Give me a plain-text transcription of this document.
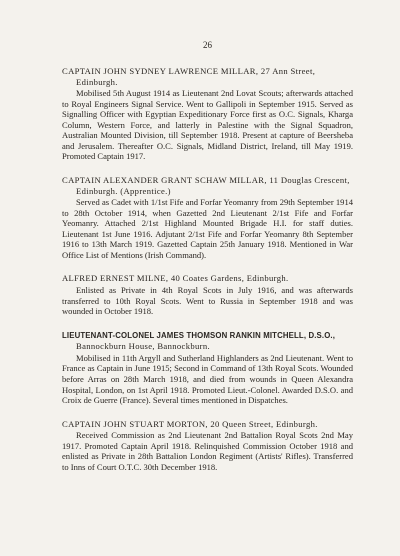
26
CAPTAIN JOHN SYDNEY LAWRENCE MILLAR, 27 Ann Street,
Edinburgh.

Mobilised 5th August 1914 as Lieutenant 2nd Lovat Scouts; afterwards attached to Royal Engineers Signal Service. Went to Gallipoli in September 1915. Served as Signalling Officer with Egyptian Expeditionary Force first as O.C. Signals, Kharga Column, Western Force, and latterly in Palestine with the Signal Squadron, Australian Mounted Division, till September 1918. Present at capture of Beersheba and Jerusalem. Thereafter O.C. Signals, Midland District, Ireland, till May 1919. Promoted Captain 1917.

CAPTAIN ALEXANDER GRANT SCHAW MILLAR, 11 Douglas Crescent,
Edinburgh. (Apprentice.)

Served as Cadet with 1/1st Fife and Forfar Yeomanry from 29th September 1914 to 28th October 1914, when Gazetted 2nd Lieutenant 2/1st Fife and Forfar Yeomanry. Attached 2/1st Highland Mounted Brigade H.I. for staff duties. Lieutenant 1st June 1916. Adjutant 2/1st Fife and Forfar Yeomanry 8th September 1916 to 13th March 1919. Gazetted Captain 25th January 1918. Mentioned in War Office List of Mentions (Irish Command).

ALFRED ERNEST MILNE, 40 Coates Gardens, Edinburgh.

Enlisted as Private in 4th Royal Scots in July 1916, and was afterwards transferred to 10th Royal Scots. Went to Russia in September 1918 and was wounded in October 1918.

LIEUTENANT-COLONEL JAMES THOMSON RANKIN MITCHELL, D.S.O.,
Bannockburn House, Bannockburn.

Mobilised in 11th Argyll and Sutherland Highlanders as 2nd Lieutenant. Went to France as Captain in June 1915; Second in Command of 13th Royal Scots. Wounded before Arras on 28th March 1918, and died from wounds in Queen Alexandra Hospital, London, on 1st April 1918. Promoted Lieut.-Colonel. Awarded D.S.O. and Croix de Guerre (France). Several times mentioned in Dispatches.

CAPTAIN JOHN STUART MORTON, 20 Queen Street, Edinburgh.

Received Commission as 2nd Lieutenant 2nd Battalion Royal Scots 2nd May 1917. Promoted Captain April 1918. Relinquished Commission October 1918 and enlisted as Private in 28th Battalion London Regiment (Artists' Rifles). Transferred to Inns of Court O.T.C. 30th December 1918.
